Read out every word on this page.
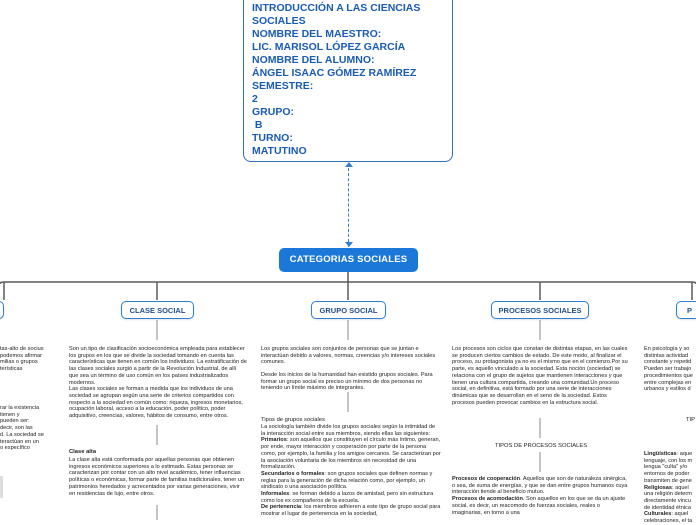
INTRODUCCIÓN A LAS CIENCIAS
SOCIALES
NOMBRE DEL MAESTRO:
LIC. MARISOL LÓPEZ GARCÍA
NOMBRE DEL ALUMNO:
ÁNGEL ISAAC GÓMEZ RAMÍREZ
SEMESTRE:
2
GRUPO:
B
TURNO:
MATUTINO
CATEGORIAS SOCIALES
CLASE SOCIAL	GRUPO SOCIAL	PROCESOS SOCIALES	P
tas-alto de socius
podemos afirmar
milias o grupos
terísticas
rar la existencia
tienen y
pueden ser:
decir, son las
d. La sociedad se
teractúan en un
o específico
Son un tipo de clasificación socioeconómica empleada para establecer los grupos en los que se divide la sociedad tomando en cuenta las características que tienen en común los individuos. La estratificación de las clases sociales surgió a partir de la Revolución Industrial, de allí que sea un término de uso común en los países industrializados modernos.
Las clases sociales se forman a medida que los individuos de una sociedad se agrupan según una serie de criterios compartidos con respecto a la sociedad en común como: riqueza, ingresos monetarios, ocupación laboral, acceso a la educación, poder político, poder adquisitivo, creencias, valores, hábitos de consumo, entre otros.
Clase alta
La clase alta está conformada por aquellas personas que obtienen ingresos económicos superiores a lo estimado. Estas personas se caracterizan por contar con un alto nivel académico, tener influencias políticas o económicas, formar parte de familias tradicionales, tener un patrimonios heredados y acrecentados por varias generaciones, vivir en residencias de lujo, entre otros.
Los grupos sociales son conjuntos de personas que se juntan e interactúan debido a valores, normas, creencias y/o intereses sociales comunes.
Desde los inicios de la humanidad han existido grupos sociales. Para formar un grupo social es preciso un mínimo de dos personas no teniendo un límite máximo de integrantes.
Tipos de grupos sociales
La sociología también divide los grupos sociales según la intimidad de la interacción social entre sus miembros, siendo ellas las siguientes:
Primarios: son aquellos que constituyen el círculo más íntimo, generan, por ende, mayor interacción y cooperación por parte de la persona como, por ejemplo, la familia y los amigos cercanos. Se caracterizan por la asociación voluntaria de los miembros sin necesidad de una formalización.
Secundarios o formales: son grupos sociales que definen normas y reglas para la generación de dicha relación como, por ejemplo, un sindicato o una asociación política.
Informales: se forman debido a lazos de amistad, pero sin estructura como los ex compañeros de la escuela.
De pertenencia: los miembros adhieren a este tipo de grupo social para mostrar el lugar de pertenencia en la sociedad,
Los procesos son ciclos que constan de distintas etapas, en las cuales se producen ciertos cambios de estado. De este modo, al finalizar el proceso, su protagonista ya no es el mismo que en el comienzo.Por su parte, es aquello vinculado a la sociedad. Esta noción (sociedad) se relaciona con el grupo de sujetos que mantienen interacciones y que tienen una cultura compartida, creando una comunidad.Un proceso social, en definitiva, está formado por una serie de interacciones dinámicas que se desarrollan en el seno de la sociedad. Estos procesos pueden provocar cambios en la estructura social.
TIPOS DE PROCESOS SOCIALES
Procesos de cooperación. Aquellos que son de naturaleza sinérgica, o sea, de suma de energías, y que se dan entre grupos humanos cuya interacción tiende al beneficio mutuo.
Procesos de acomodación. Son aquellos en los que se da un ajuste social, es decir, un reacomodo de fuerzas sociales, reales o imaginarias, en torno a una
En psicología y so
distintas actividad
constante y repetid
Pueden ser trabajo
procedimientos que
entre complejas en
urbanos y estilos d
TIP
Lingüísticas: aque
lenguaje, con los m
lengua "culta" y/o
entornos de poder
transmiten de gene
Religiosas: aquel
una religión determ
directamente vincu
de identidad étnica
Culturales: aquel
celebraciones, el ta
